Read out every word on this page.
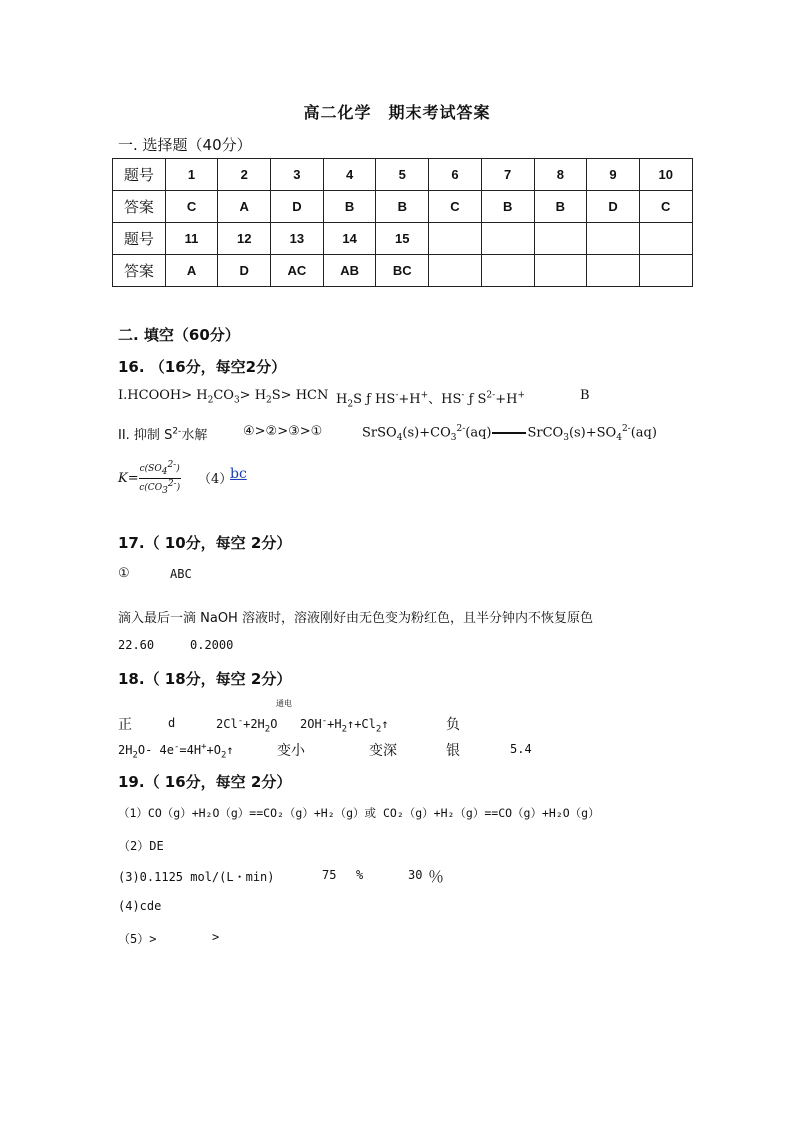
高二化学　期末考试答案
一. 选择题（40分）
题号	1	2	3	4	5	6	7	8	9	10
答案	C	A	D	B	B	C	B	B	D	C
题号	11	12	13	14	15					
答案	A	D	AC	AB	BC					
二. 填空（60分）
16. （16分，每空2分）
I.HCOOH> $H_2CO_3> H_2S>$ HCN $H_2S$ ƒ HS-+H+、HS- ƒ $S^{2-}+H^+$	B
II. 抑制 $S^{2-}$水解	④>②>③>①	$SrSO_4(s)+CO_3^{2-}(aq)$	$SrCO_3(s)+SO_4^{2-}(aq)$
$K= \frac{c(SO_4^{2-})}{c(CO_3^{2-})} (4)$
bc
17.（ 10分，每空 2分）
①	ABC
滴入最后一滴 NaOH 溶液时，溶液刚好由无色变为粉红色，且半分钟内不恢复原色
22.60	0.2000
18.（ 18分，每空 2分）
通电
正	d	$2Cl^-+2H_2O$ $2OH^-+H_2↑+Cl_2↑$	负
$2H_2O-$ $4e^-=4H^++O_2↑$	变小	变深	银	5.4
19.（ 16分，每空 2分）
（1）CO（g）+H₂O（g）==CO₂（g）+H₂（g）或 CO₂（g）+H₂（g）==CO（g）+H₂O（g）
（2）DE
(3)0.1125 mol/(L・min)	75 %	30 ％
(4)cde
（5）>	>
